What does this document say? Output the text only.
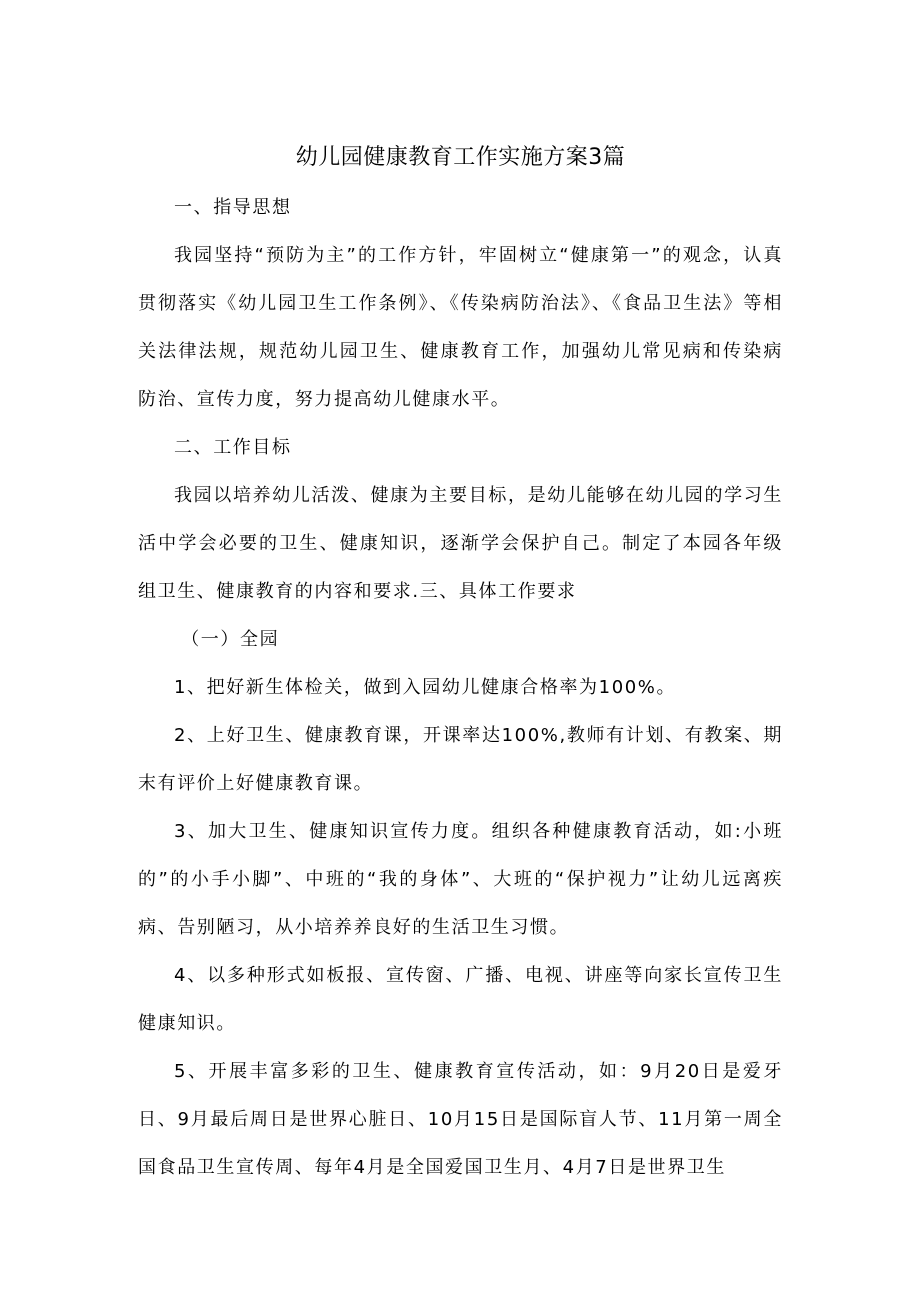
幼儿园健康教育工作实施方案3篇

一、指导思想

我园坚持“预防为主”的工作方针，牢固树立“健康第一”的观念，认真贯彻落实《幼儿园卫生工作条例》、《传染病防治法》、《食品卫生法》等相关法律法规，规范幼儿园卫生、健康教育工作，加强幼儿常见病和传染病防治、宣传力度，努力提高幼儿健康水平。

二、工作目标

我园以培养幼儿活泼、健康为主要目标，是幼儿能够在幼儿园的学习生活中学会必要的卫生、健康知识，逐渐学会保护自己。制定了本园各年级组卫生、健康教育的内容和要求.三、具体工作要求

（一）全园

1、把好新生体检关，做到入园幼儿健康合格率为100%。

2、上好卫生、健康教育课，开课率达100%,教师有计划、有教案、期末有评价上好健康教育课。

3、加大卫生、健康知识宣传力度。组织各种健康教育活动，如:小班的”的小手小脚”、中班的“我的身体”、大班的“保护视力”让幼儿远离疾病、告别陋习，从小培养养良好的生活卫生习惯。

4、以多种形式如板报、宣传窗、广播、电视、讲座等向家长宣传卫生健康知识。

5、开展丰富多彩的卫生、健康教育宣传活动，如：9月20日是爱牙日、9月最后周日是世界心脏日、10月15日是国际盲人节、11月第一周全国食品卫生宣传周、每年4月是全国爱国卫生月、4月7日是世界卫生
